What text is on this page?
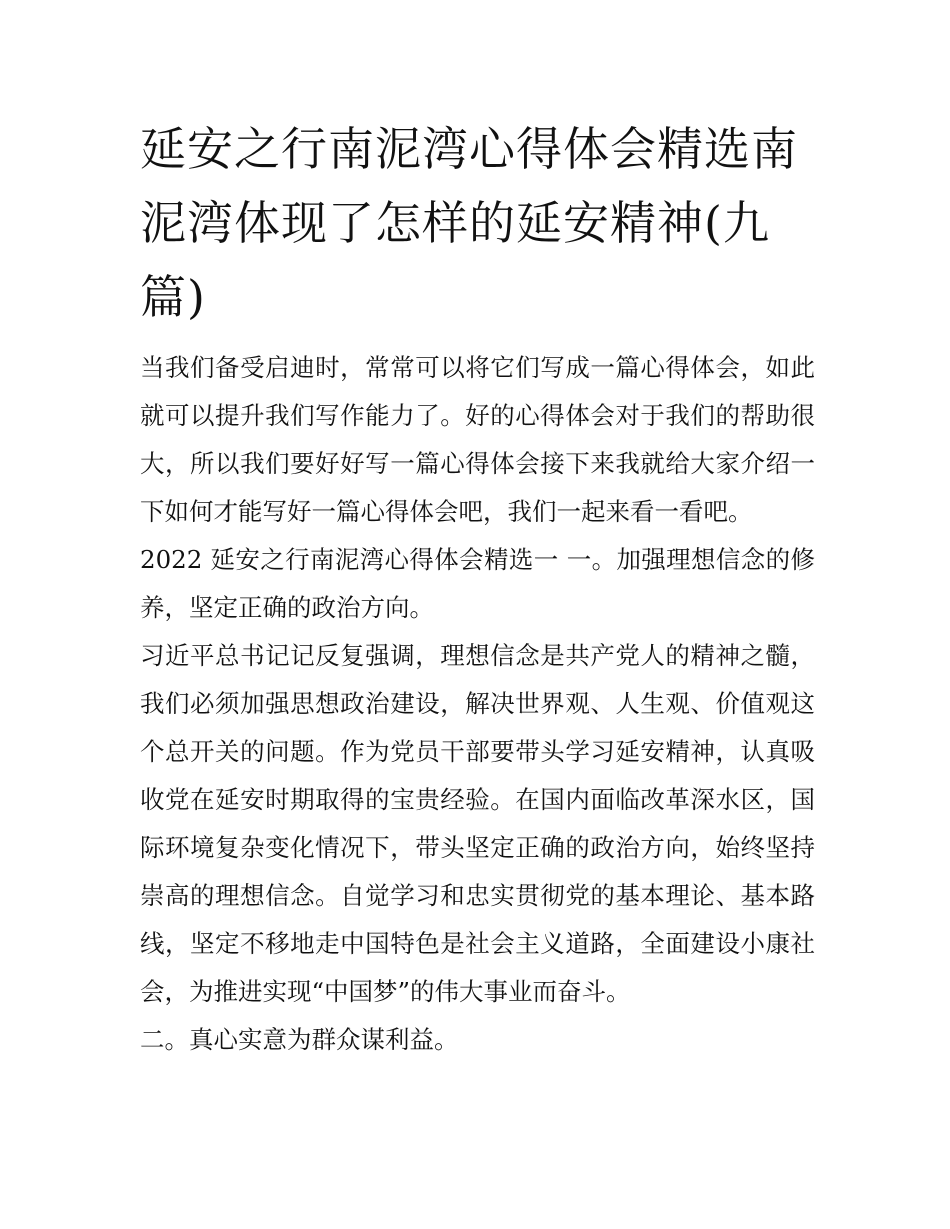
延安之行南泥湾心得体会精选南泥湾体现了怎样的延安精神(九篇)

当我们备受启迪时，常常可以将它们写成一篇心得体会，如此就可以提升我们写作能力了。好的心得体会对于我们的帮助很大，所以我们要好好写一篇心得体会接下来我就给大家介绍一下如何才能写好一篇心得体会吧，我们一起来看一看吧。

2022 延安之行南泥湾心得体会精选一 一。加强理想信念的修养，坚定正确的政治方向。

习近平总书记记反复强调，理想信念是共产党人的精神之髓，我们必须加强思想政治建设，解决世界观、人生观、价值观这个总开关的问题。作为党员干部要带头学习延安精神，认真吸收党在延安时期取得的宝贵经验。在国内面临改革深水区，国际环境复杂变化情况下，带头坚定正确的政治方向，始终坚持崇高的理想信念。自觉学习和忠实贯彻党的基本理论、基本路线，坚定不移地走中国特色是社会主义道路，全面建设小康社会，为推进实现“中国梦”的伟大事业而奋斗。

二。真心实意为群众谋利益。
